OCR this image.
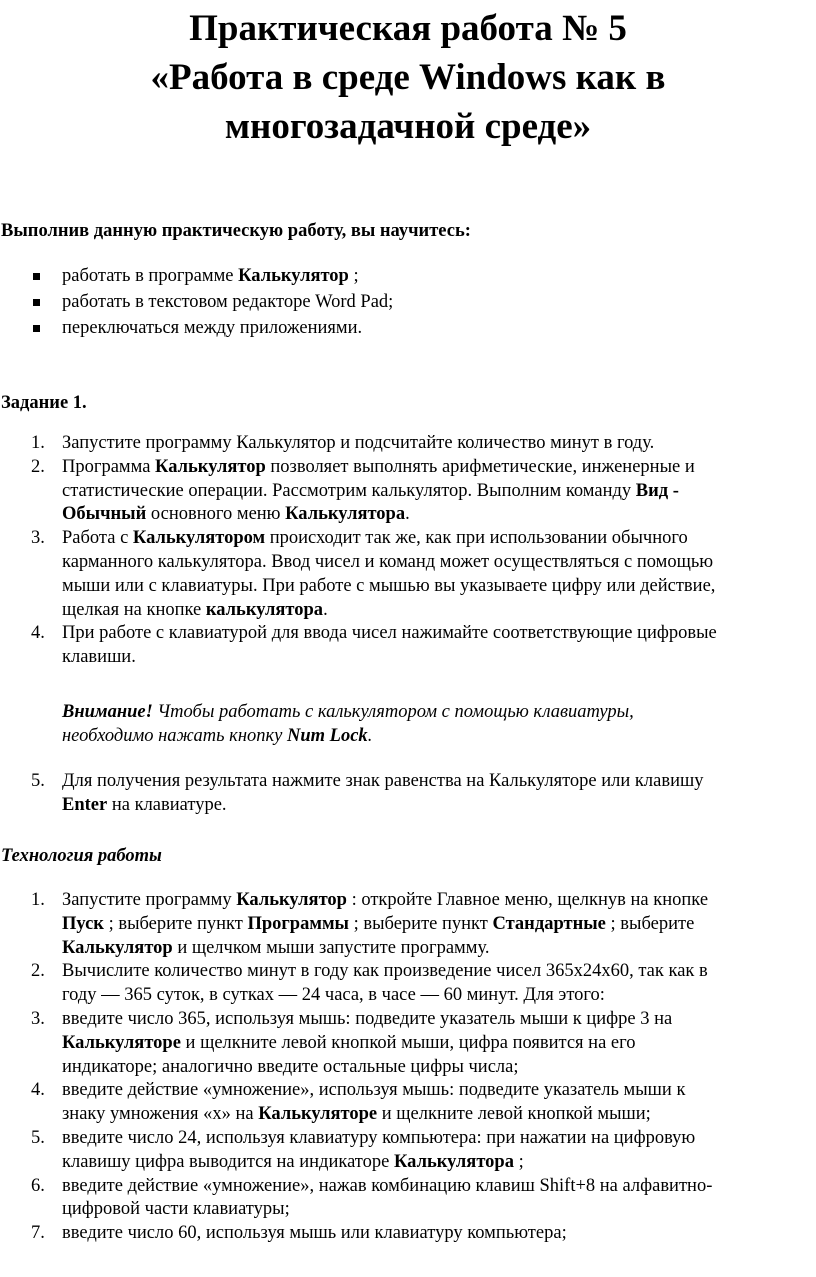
Практическая работа № 5
«Работа в среде Windows как в
многозадачной среде»
Выполнив данную практическую работу, вы научитесь:
работать в программе Калькулятор ;
работать в текстовом редакторе Word Pad;
переключаться между приложениями.
Задание 1.
1. Запустите программу Калькулятор и подсчитайте количество минут в году.
2. Программа Калькулятор позволяет выполнять арифметические, инженерные и
статистические операции. Рассмотрим калькулятор. Выполним команду Вид -
Обычный основного меню Калькулятора.
3. Работа с Калькулятором происходит так же, как при использовании обычного
карманного калькулятора. Ввод чисел и команд может осуществляться с помощью
мыши или с клавиатуры. При работе с мышью вы указываете цифру или действие,
щелкая на кнопке калькулятора.
4. При работе с клавиатурой для ввода чисел нажимайте соответствующие цифровые
клавиши.
Внимание! Чтобы работать с калькулятором с помощью клавиатуры,
необходимо нажать кнопку Num Lock.
5. Для получения результата нажмите знак равенства на Калькуляторе или клавишу
Enter на клавиатуре.
Технология работы
1. Запустите программу Калькулятор : откройте Главное меню, щелкнув на кнопке
Пуск ; выберите пункт Программы ; выберите пункт Стандартные ; выберите
Калькулятор и щелчком мыши запустите программу.
2. Вычислите количество минут в году как произведение чисел 365x24x60, так как в
году — 365 суток, в сутках — 24 часа, в часе — 60 минут. Для этого:
3. введите число 365, используя мышь: подведите указатель мыши к цифре 3 на
Калькуляторе и щелкните левой кнопкой мыши, цифра появится на его
индикаторе; аналогично введите остальные цифры числа;
4. введите действие «умножение», используя мышь: подведите указатель мыши к
знаку умножения «х» на Калькуляторе и щелкните левой кнопкой мыши;
5. введите число 24, используя клавиатуру компьютера: при нажатии на цифровую
клавишу цифра выводится на индикаторе Калькулятора ;
6. введите действие «умножение», нажав комбинацию клавиш Shift+8 на алфавитно-
цифровой части клавиатуры;
7. введите число 60, используя мышь или клавиатуру компьютера;
